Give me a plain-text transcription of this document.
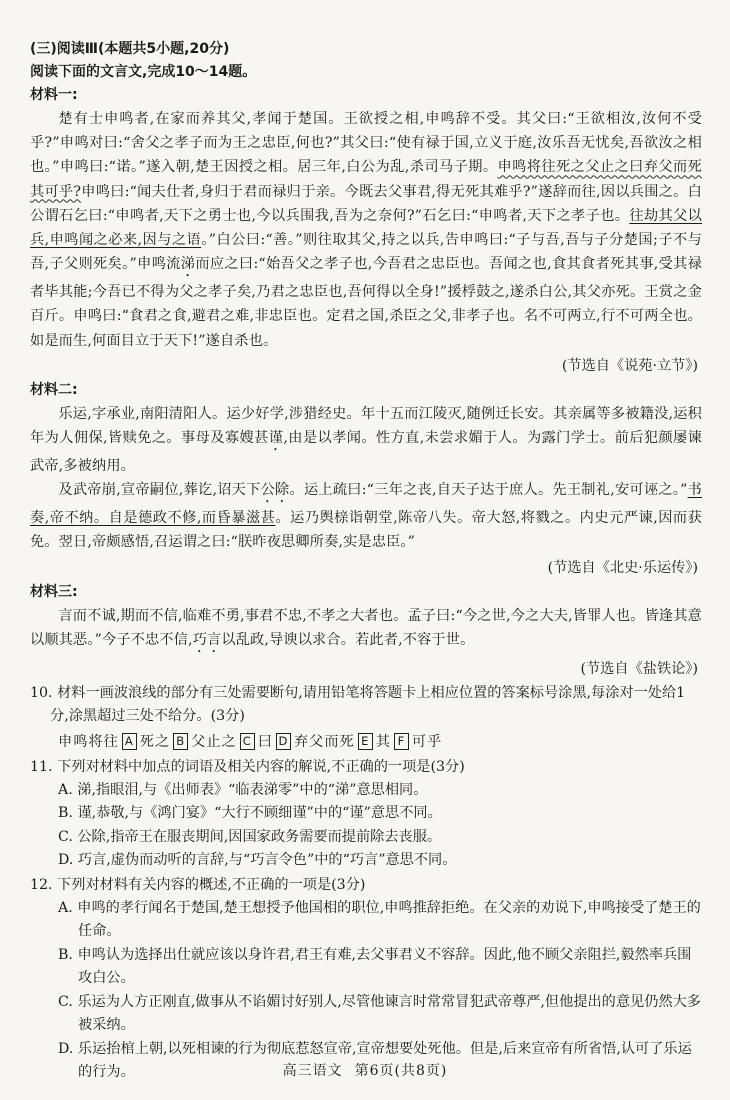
(三)阅读Ⅲ(本题共5小题,20分)
阅读下面的文言文,完成10～14题。
材料一:
楚有士申鸣者,在家而养其父,孝闻于楚国。王欲授之相,申鸣辞不受。其父曰:“王欲相汝,汝何不受乎?”申鸣对曰:“舍父之孝子而为王之忠臣,何也?”其父曰:“使有禄于国,立义于庭,汝乐吾无忧矣,吾欲汝之相也。”申鸣曰:“诺。”遂入朝,楚王因授之相。居三年,白公为乱,杀司马子期。申鸣将往死之父止之曰弃父而死其可乎?申鸣曰:“闻夫仕者,身归于君而禄归于亲。今既去父事君,得无死其难乎?”遂辞而往,因以兵围之。白公谓石乞曰:“申鸣者,天下之勇士也,今以兵围我,吾为之奈何?”石乞曰:“申鸣者,天下之孝子也。往劫其父以兵,申鸣闻之必来,因与之语。”白公曰:“善。”则往取其父,持之以兵,告申鸣曰:“子与吾,吾与子分楚国;子不与吾,子父则死矣。”申鸣流涕而应之曰:“始吾父之孝子也,今吾君之忠臣也。吾闻之也,食其食者死其事,受其禄者毕其能;今吾已不得为父之孝子矣,乃君之忠臣也,吾何得以全身!”援桴鼓之,遂杀白公,其父亦死。王赏之金百斤。申鸣曰:“食君之食,避君之难,非忠臣也。定君之国,杀臣之父,非孝子也。名不可两立,行不可两全也。如是而生,何面目立于天下!”遂自杀也。
(节选自《说苑·立节》)
材料二:
乐运,字承业,南阳清阳人。运少好学,涉猎经史。年十五而江陵灭,随例迁长安。其亲属等多被籍没,运积年为人佣保,皆赎免之。事母及寡嫂甚谨,由是以孝闻。性方直,未尝求媚于人。为露门学士。前后犯颜屡谏武帝,多被纳用。
及武帝崩,宣帝嗣位,葬讫,诏天下公除。运上疏曰:“三年之丧,自天子达于庶人。先王制礼,安可诬之。”书奏,帝不纳。自是德政不修,而昏暴滋甚。运乃舆榇诣朝堂,陈帝八失。帝大怒,将戮之。内史元严谏,因而获免。翌日,帝颇感悟,召运谓之曰:“朕昨夜思卿所奏,实是忠臣。”
(节选自《北史·乐运传》)
材料三:
言而不诚,期而不信,临难不勇,事君不忠,不孝之大者也。孟子曰:“今之世,今之大夫,皆罪人也。皆逢其意以顺其恶。”今子不忠不信,巧言以乱政,导谀以求合。若此者,不容于世。
(节选自《盐铁论》)
10. 材料一画波浪线的部分有三处需要断句,请用铅笔将答题卡上相应位置的答案标号涂黑,每涂对一处给1分,涂黑超过三处不给分。(3分)
申鸣将往 A 死之 B 父止之 C 曰 D 弃父而死 E 其 F 可乎
11. 下列对材料中加点的词语及相关内容的解说,不正确的一项是(3分)
A. 涕,指眼泪,与《出师表》“临表涕零”中的“涕”意思相同。
B. 谨,恭敬,与《鸿门宴》“大行不顾细谨”中的“谨”意思不同。
C. 公除,指帝王在服丧期间,因国家政务需要而提前除去丧服。
D. 巧言,虚伪而动听的言辞,与“巧言令色”中的“巧言”意思不同。
12. 下列对材料有关内容的概述,不正确的一项是(3分)
A. 申鸣的孝行闻名于楚国,楚王想授予他国相的职位,申鸣推辞拒绝。在父亲的劝说下,申鸣接受了楚王的任命。
B. 申鸣认为选择出仕就应该以身许君,君王有难,去父事君义不容辞。因此,他不顾父亲阻拦,毅然率兵围攻白公。
C. 乐运为人方正刚直,做事从不谄媚讨好别人,尽管他谏言时常常冒犯武帝尊严,但他提出的意见仍然大多被采纳。
D. 乐运抬棺上朝,以死相谏的行为彻底惹怒宣帝,宣帝想要处死他。但是,后来宣帝有所省悟,认可了乐运的行为。	高三语文 第6页(共8页)
